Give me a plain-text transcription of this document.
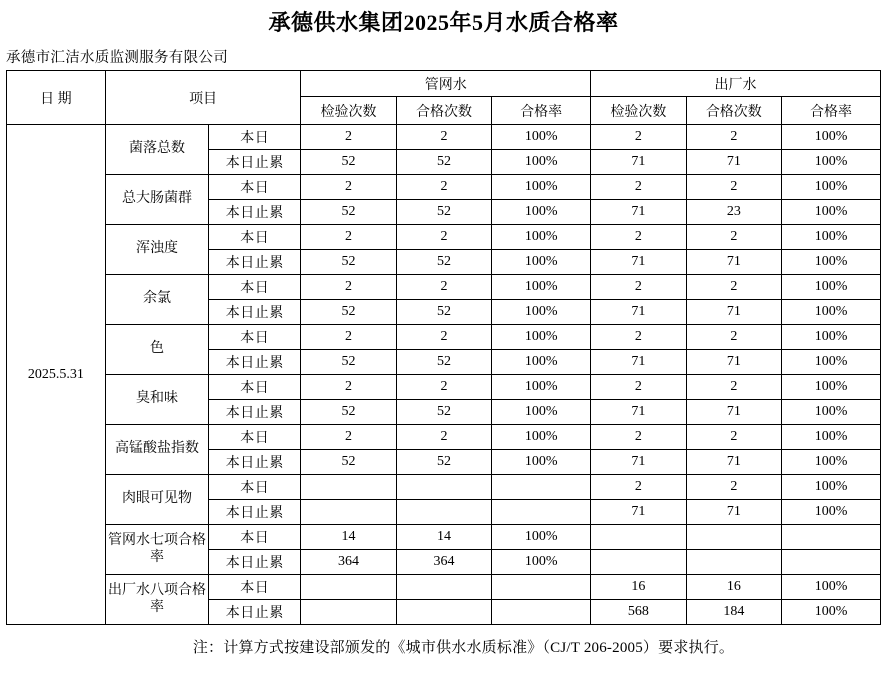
承德供水集团2025年5月水质合格率
承德市汇洁水质监测服务有限公司
日 期	项目		管网水			出厂水		
			检验次数	合格次数	合格率	检验次数	合格次数	合格率
2025.5.31	菌落总数	本日	2	2	100%	2	2	100%
		本日止累	52	52	100%	71	71	100%
	总大肠菌群	本日	2	2	100%	2	2	100%
		本日止累	52	52	100%	71	23	100%
	浑浊度	本日	2	2	100%	2	2	100%
		本日止累	52	52	100%	71	71	100%
	余氯	本日	2	2	100%	2	2	100%
		本日止累	52	52	100%	71	71	100%
	色	本日	2	2	100%	2	2	100%
		本日止累	52	52	100%	71	71	100%
	臭和味	本日	2	2	100%	2	2	100%
		本日止累	52	52	100%	71	71	100%
	高锰酸盐指数	本日	2	2	100%	2	2	100%
		本日止累	52	52	100%	71	71	100%
	肉眼可见物	本日				2	2	100%
		本日止累				71	71	100%
	管网水七项合格率	本日	14	14	100%			
		本日止累	364	364	100%			
	出厂水八项合格率	本日				16	16	100%
		本日止累				568	184	100%
注：计算方式按建设部颁发的《城市供水水质标准》（CJ/T 206-2005）要求执行。
